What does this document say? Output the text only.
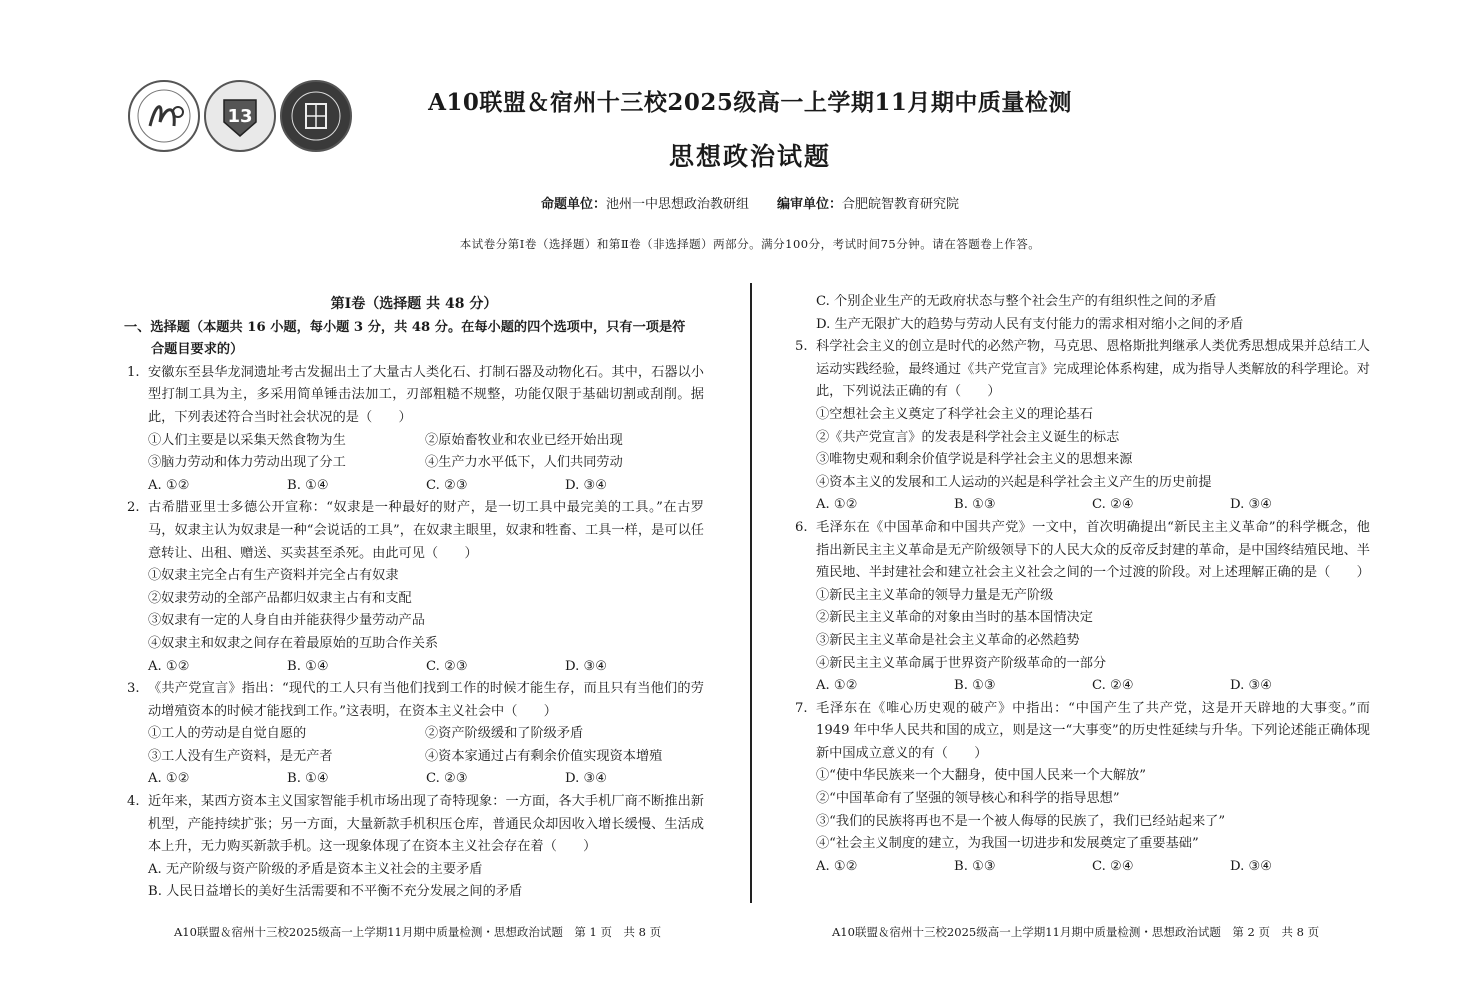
13
A10联盟＆宿州十三校2025级高一上学期11月期中质量检测
思想政治试题
命题单位：池州一中思想政治教研组 编审单位：合肥皖智教育研究院
本试卷分第Ⅰ卷（选择题）和第Ⅱ卷（非选择题）两部分。满分100分，考试时间75分钟。请在答题卷上作答。
第Ⅰ卷（选择题 共 48 分）
一、选择题（本题共 16 小题，每小题 3 分，共 48 分。在每小题的四个选项中，只有一项是符
合题目要求的）
1. 安徽东至县华龙洞遗址考古发掘出土了大量古人类化石、打制石器及动物化石。其中，石器以小型打制工具为主，多采用简单锤击法加工，刃部粗糙不规整，功能仅限于基础切割或刮削。据此，下列表述符合当时社会状况的是（　　）
①人们主要是以采集天然食物为生	②原始畜牧业和农业已经开始出现
③脑力劳动和体力劳动出现了分工	④生产力水平低下，人们共同劳动
A. ①②	B. ①④	C. ②③	D. ③④
2. 古希腊亚里士多德公开宣称：“奴隶是一种最好的财产，是一切工具中最完美的工具。”在古罗马，奴隶主认为奴隶是一种“会说话的工具”，在奴隶主眼里，奴隶和牲畜、工具一样，是可以任意转让、出租、赠送、买卖甚至杀死。由此可见（　　）
①奴隶主完全占有生产资料并完全占有奴隶
②奴隶劳动的全部产品都归奴隶主占有和支配
③奴隶有一定的人身自由并能获得少量劳动产品
④奴隶主和奴隶之间存在着最原始的互助合作关系
A. ①②	B. ①④	C. ②③	D. ③④
3. 《共产党宣言》指出：“现代的工人只有当他们找到工作的时候才能生存，而且只有当他们的劳动增殖资本的时候才能找到工作。”这表明，在资本主义社会中（　　）
①工人的劳动是自觉自愿的	②资产阶级缓和了阶级矛盾
③工人没有生产资料，是无产者	④资本家通过占有剩余价值实现资本增殖
A. ①②	B. ①④	C. ②③	D. ③④
4. 近年来，某西方资本主义国家智能手机市场出现了奇特现象：一方面，各大手机厂商不断推出新机型，产能持续扩张；另一方面，大量新款手机积压仓库，普通民众却因收入增长缓慢、生活成本上升，无力购买新款手机。这一现象体现了在资本主义社会存在着（　　）
A. 无产阶级与资产阶级的矛盾是资本主义社会的主要矛盾
B. 人民日益增长的美好生活需要和不平衡不充分发展之间的矛盾
C. 个别企业生产的无政府状态与整个社会生产的有组织性之间的矛盾
D. 生产无限扩大的趋势与劳动人民有支付能力的需求相对缩小之间的矛盾
5. 科学社会主义的创立是时代的必然产物，马克思、恩格斯批判继承人类优秀思想成果并总结工人运动实践经验，最终通过《共产党宣言》完成理论体系构建，成为指导人类解放的科学理论。对此，下列说法正确的有（　　）
①空想社会主义奠定了科学社会主义的理论基石
②《共产党宣言》的发表是科学社会主义诞生的标志
③唯物史观和剩余价值学说是科学社会主义的思想来源
④资本主义的发展和工人运动的兴起是科学社会主义产生的历史前提
A. ①②	B. ①③	C. ②④	D. ③④
6. 毛泽东在《中国革命和中国共产党》一文中，首次明确提出“新民主主义革命”的科学概念，他指出新民主主义革命是无产阶级领导下的人民大众的反帝反封建的革命，是中国终结殖民地、半殖民地、半封建社会和建立社会主义社会之间的一个过渡的阶段。对上述理解正确的是（　　）
①新民主主义革命的领导力量是无产阶级
②新民主主义革命的对象由当时的基本国情决定
③新民主主义革命是社会主义革命的必然趋势
④新民主主义革命属于世界资产阶级革命的一部分
A. ①②	B. ①③	C. ②④	D. ③④
7. 毛泽东在《唯心历史观的破产》中指出：“中国产生了共产党，这是开天辟地的大事变。”而 1949 年中华人民共和国的成立，则是这一“大事变”的历史性延续与升华。下列论述能正确体现新中国成立意义的有（　　）
①“使中华民族来一个大翻身，使中国人民来一个大解放”
②“中国革命有了坚强的领导核心和科学的指导思想”
③“我们的民族将再也不是一个被人侮辱的民族了，我们已经站起来了”
④“社会主义制度的建立，为我国一切进步和发展奠定了重要基础”
A. ①②	B. ①③	C. ②④	D. ③④
A10联盟＆宿州十三校2025级高一上学期11月期中质量检测・思想政治试题　第 1 页　共 8 页	A10联盟＆宿州十三校2025级高一上学期11月期中质量检测・思想政治试题　第 2 页　共 8 页
